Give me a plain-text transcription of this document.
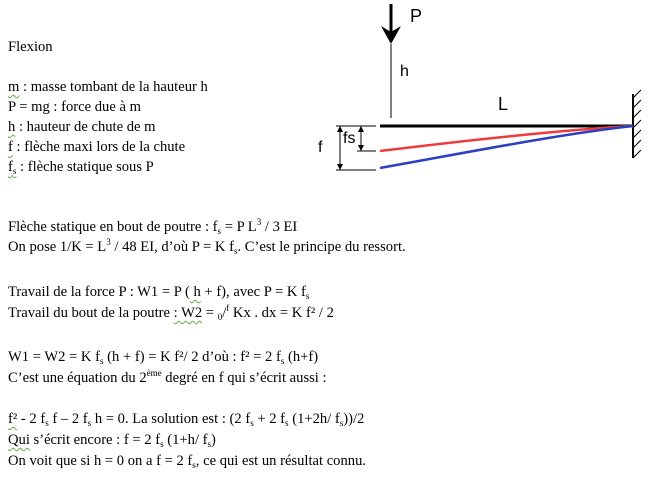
Flexion
m : masse tombant de la hauteur h
P = mg : force due à m
h : hauteur de chute de m
f : flèche maxi lors de la chute
$f_s$ : flèche statique sous P
P
h
L
fs
f
Flèche statique en bout de poutre : $f_s = P$ $L^3 / 3$ EI
On pose $1/K = L^3 / 48$ EI, d’où P = K $f_s$. C’est le principe du ressort.
Travail de la force P : W1 = P ( h + f), avec P = K $f_s$
Travail du bout de la poutre : W2 = $_0$/$^f$ Kx . dx = K f² / 2
W1 = W2 = K $f_s$ (h + f) = K f²/ 2 d’où : f² = 2 $f_s$ (h+f)
C’est une équation du 2ème degré en f qui s’écrit aussi :
f² - 2 $f_s$ f – 2 $f_s$ h = 0. La solution est : (2 $f_s + 2$ $f_s$ (1+2h/ $f_s))/2$
Qui s’écrit encore : f = 2 $f_s$ (1+h/ $f_s$)
On voit que si h = 0 on a f = 2 $f_s$, ce qui est un résultat connu.
